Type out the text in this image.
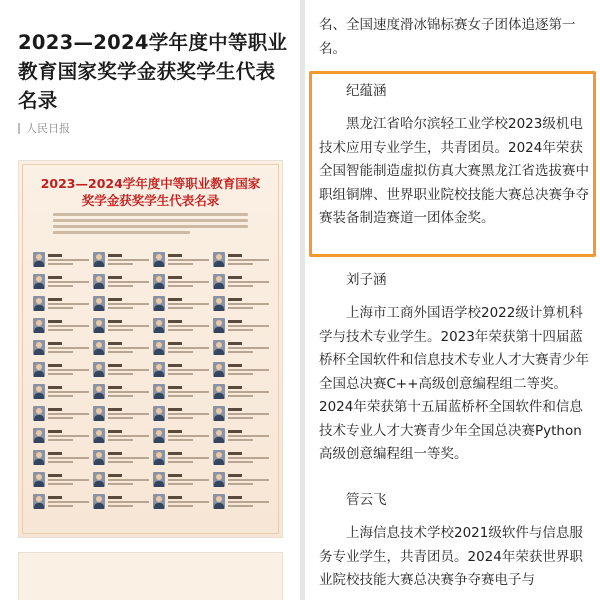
2023—2024学年度中等职业教育国家奖学金获奖学生代表名录
人民日报
2023—2024学年度中等职业教育国家奖学金获奖学生代表名录
名、全国速度滑冰锦标赛女子团体追逐第一名。
纪蕴涵
黑龙江省哈尔滨轻工业学校2023级机电技术应用专业学生，共青团员。2024年荣获全国智能制造虚拟仿真大赛黑龙江省选拔赛中职组铜牌、世界职业院校技能大赛总决赛争夺赛装备制造赛道一团体金奖。
刘子涵
上海市工商外国语学校2022级计算机科学与技术专业学生。2023年荣获第十四届蓝桥杯全国软件和信息技术专业人才大赛青少年全国总决赛C++高级创意编程组二等奖。2024年荣获第十五届蓝桥杯全国软件和信息技术专业人才大赛青少年全国总决赛Python高级创意编程组一等奖。
管云飞
上海信息技术学校2021级软件与信息服务专业学生，共青团员。2024年荣获世界职业院校技能大赛总决赛争夺赛电子与
